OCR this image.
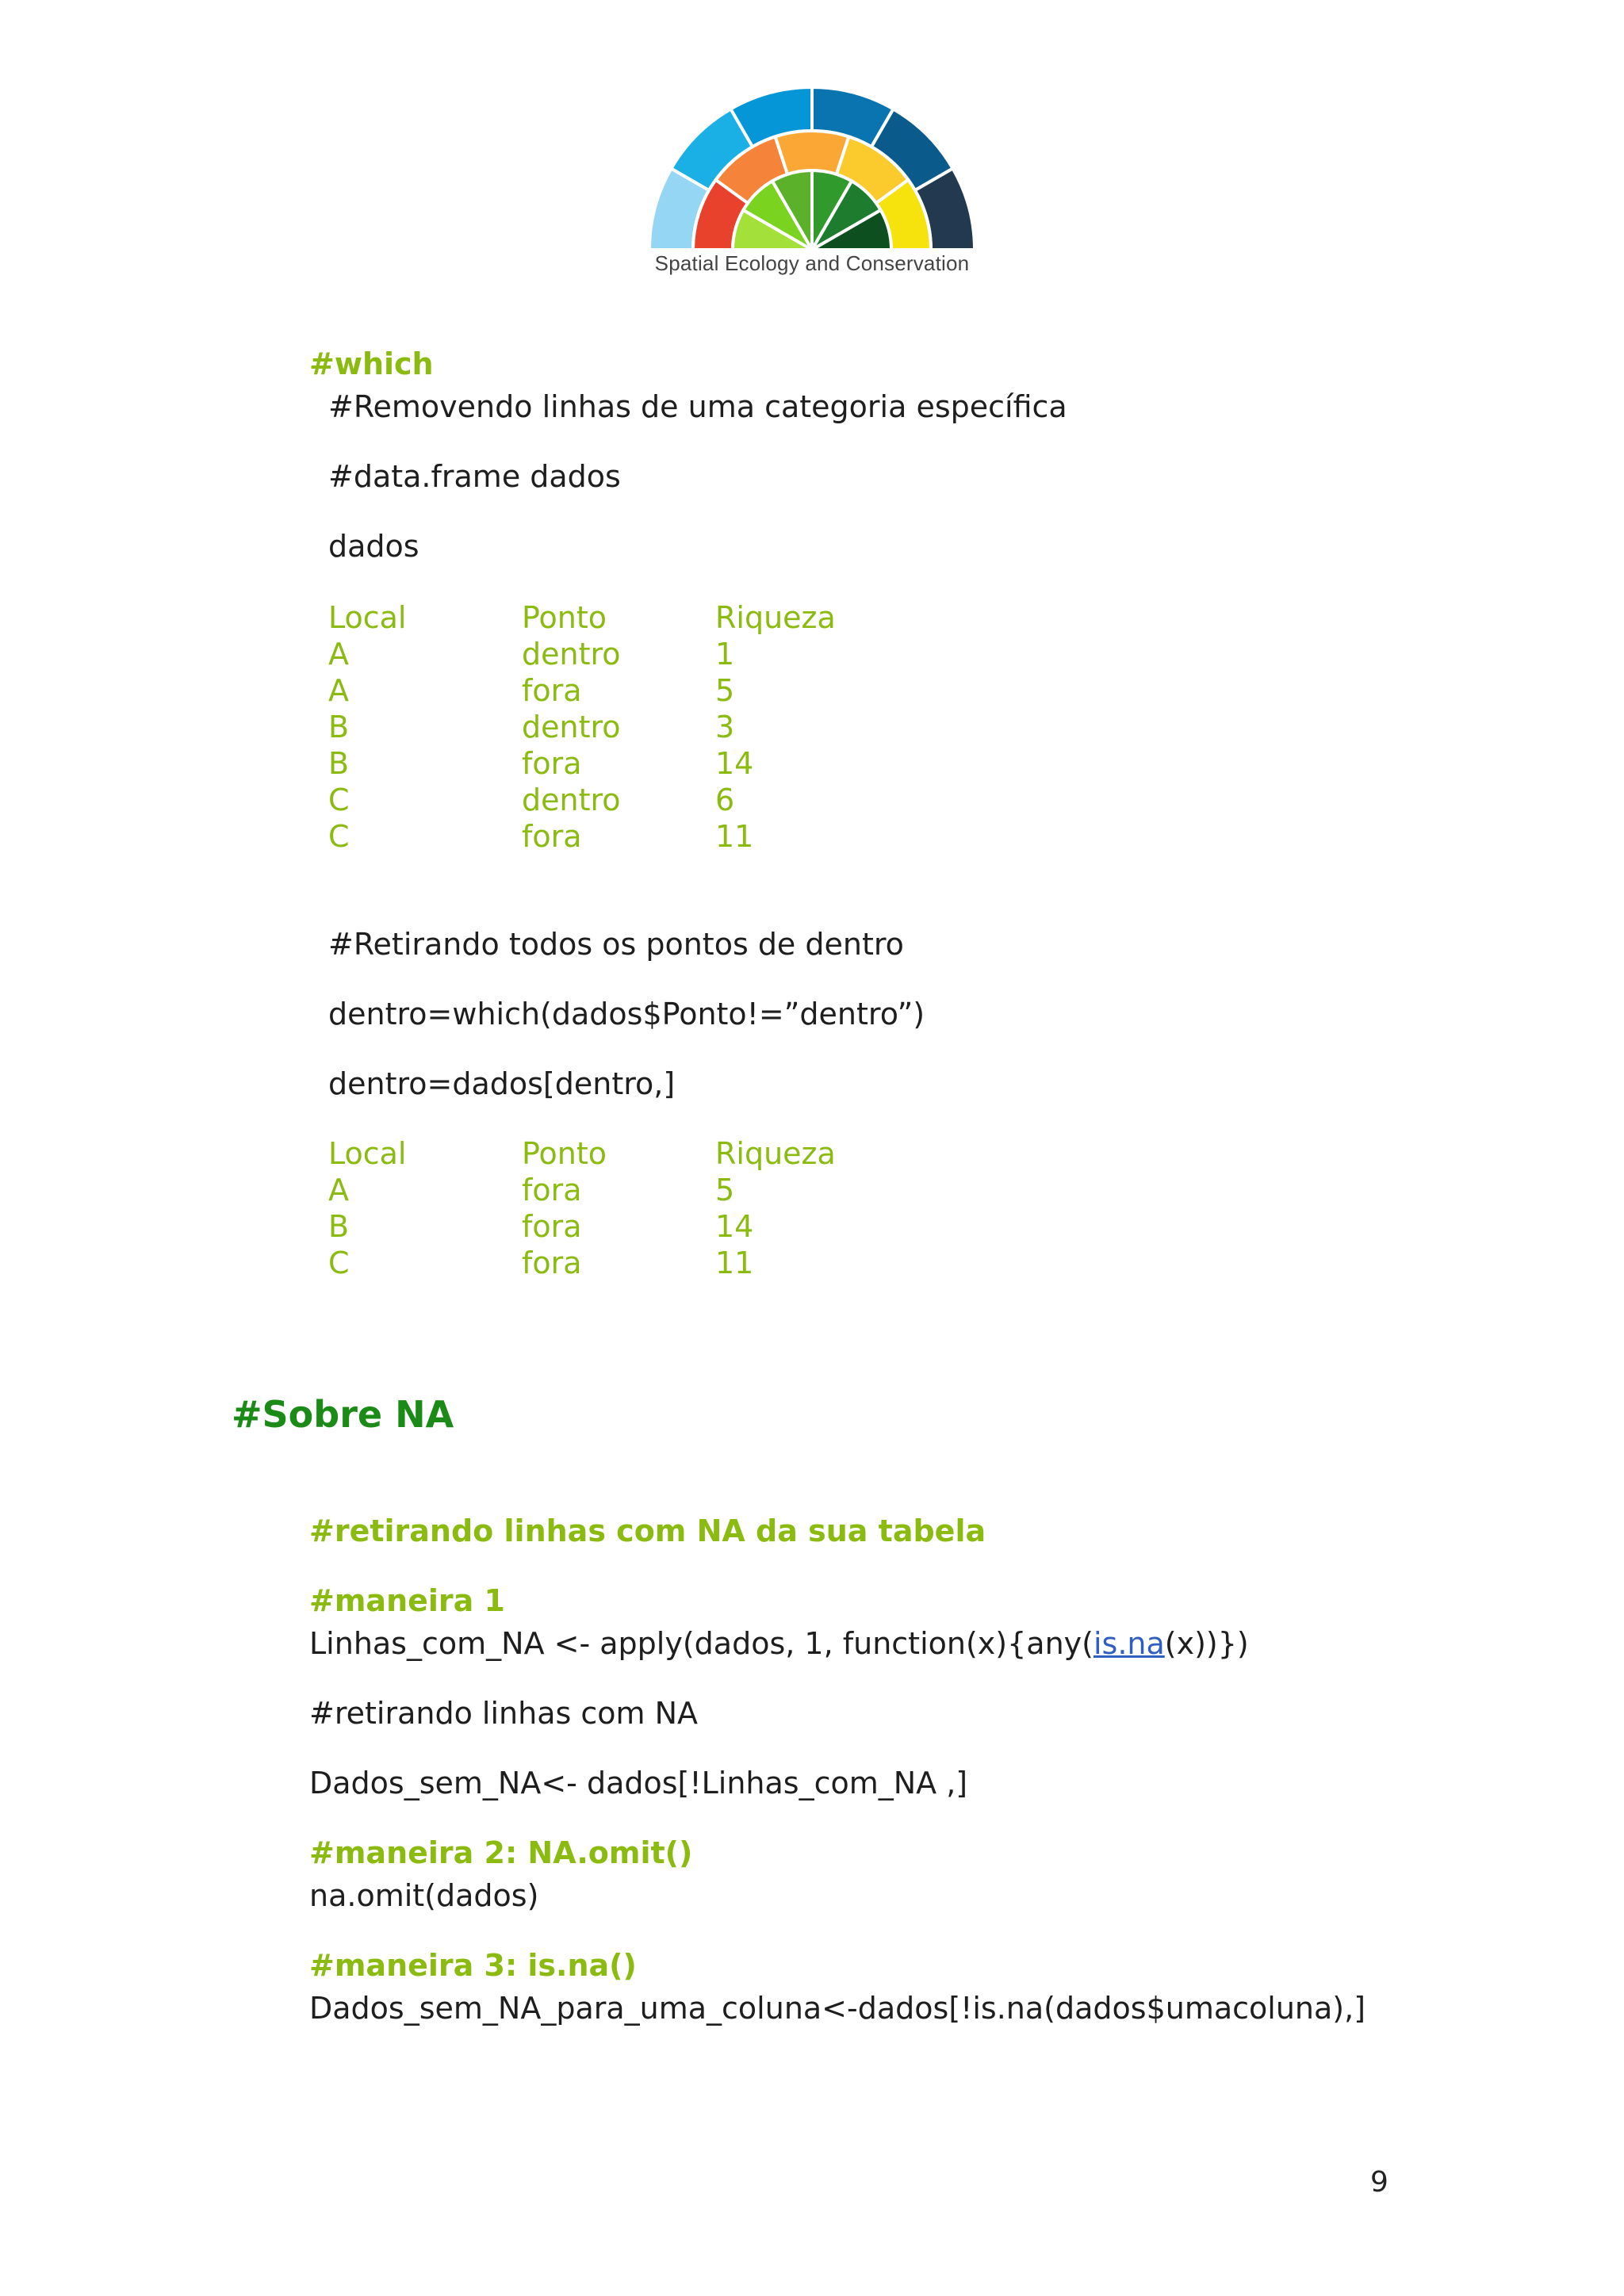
Spatial Ecology and Conservation
#which
#Removendo linhas de uma categoria específica
#data.frame dados
dados
Local	Ponto	Riqueza
A	dentro	1
A	fora	5
B	dentro	3
B	fora	14
C	dentro	6
C	fora	11
#Retirando todos os pontos de dentro
dentro=which(dados$Ponto!=”dentro”)
dentro=dados[dentro,]
Local	Ponto	Riqueza
A	fora	5
B	fora	14
C	fora	11
#Sobre NA
#retirando linhas com NA da sua tabela
#maneira 1
Linhas_com_NA <- apply(dados, 1, function(x){any(is.na(x))})
#retirando linhas com NA
Dados_sem_NA<- dados[!Linhas_com_NA ,]
#maneira 2: NA.omit()
na.omit(dados)
#maneira 3: is.na()
Dados_sem_NA_para_uma_coluna<-dados[!is.na(dados$umacoluna),]
9
